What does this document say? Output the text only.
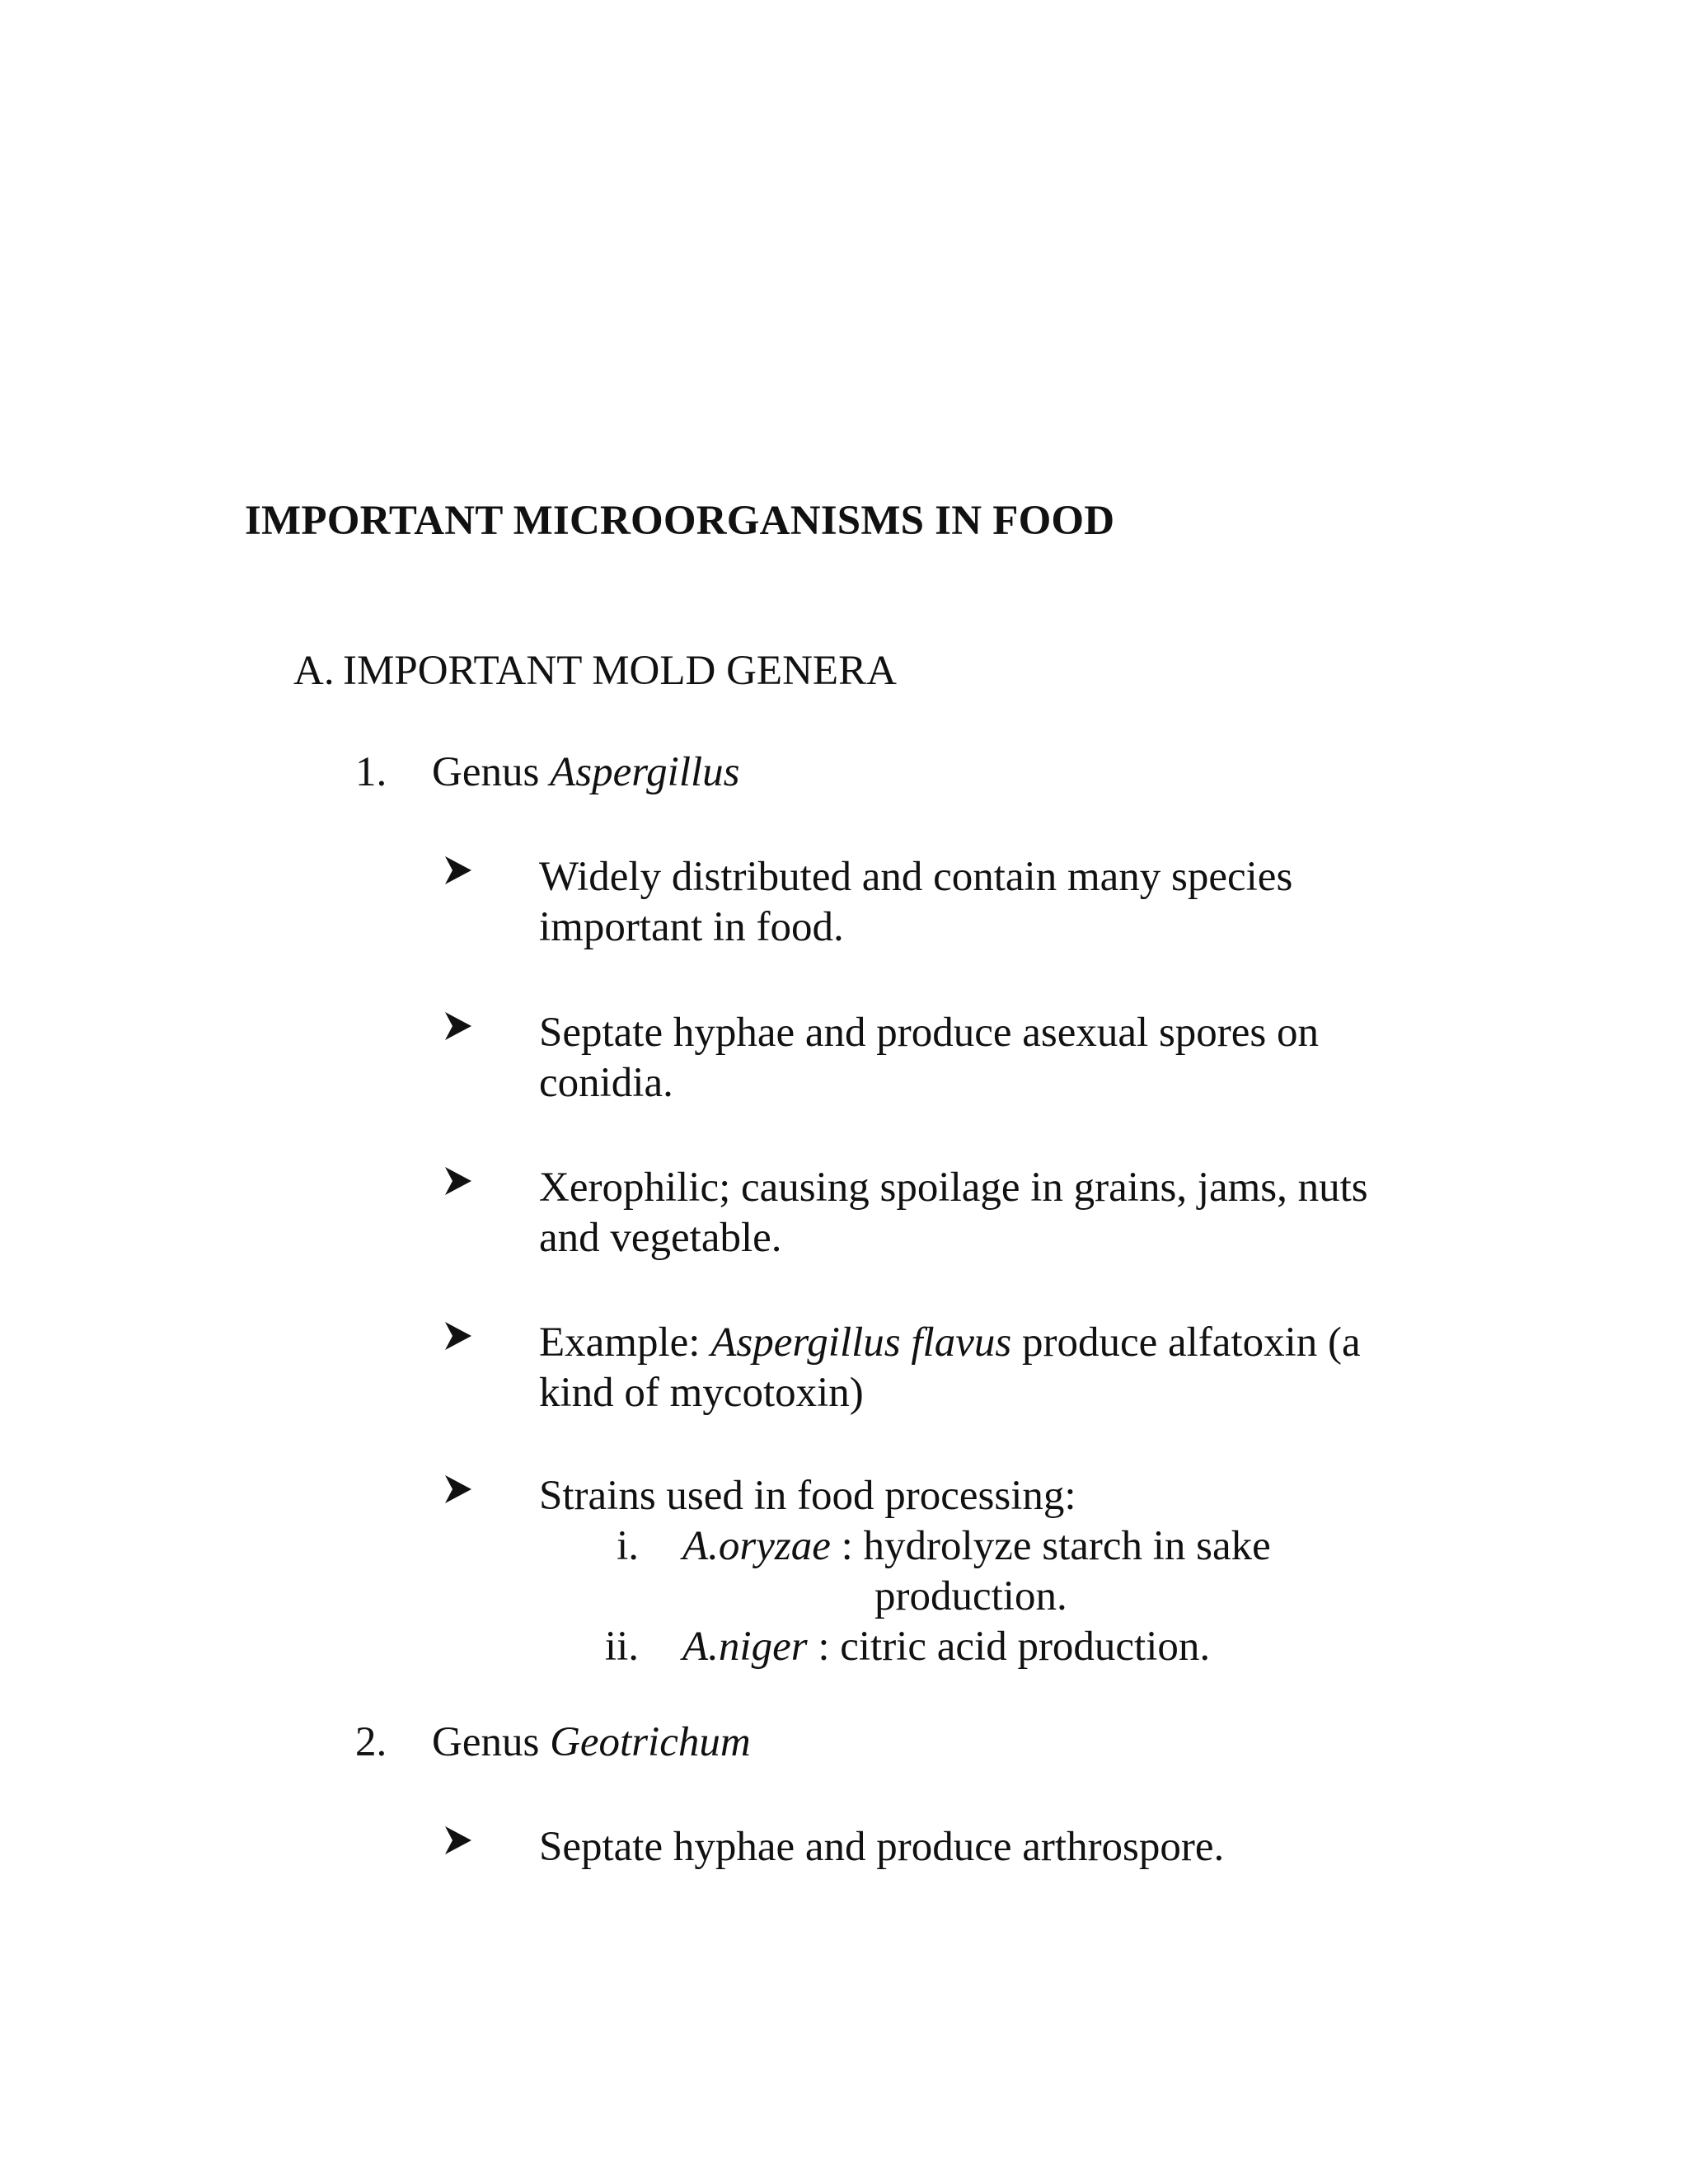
IMPORTANT MICROORGANISMS IN FOOD
A. IMPORTANT MOLD GENERA
1. Genus Aspergillus
Widely distributed and contain many species
important in food.
Septate hyphae and produce asexual spores on
conidia.
Xerophilic; causing spoilage in grains, jams, nuts
and vegetable.
Example: Aspergillus flavus produce alfatoxin (a
kind of mycotoxin)
Strains used in food processing:
i. A.oryzae : hydrolyze starch in sake
production.
ii. A.niger : citric acid production.
2. Genus Geotrichum
Septate hyphae and produce arthrospore.
